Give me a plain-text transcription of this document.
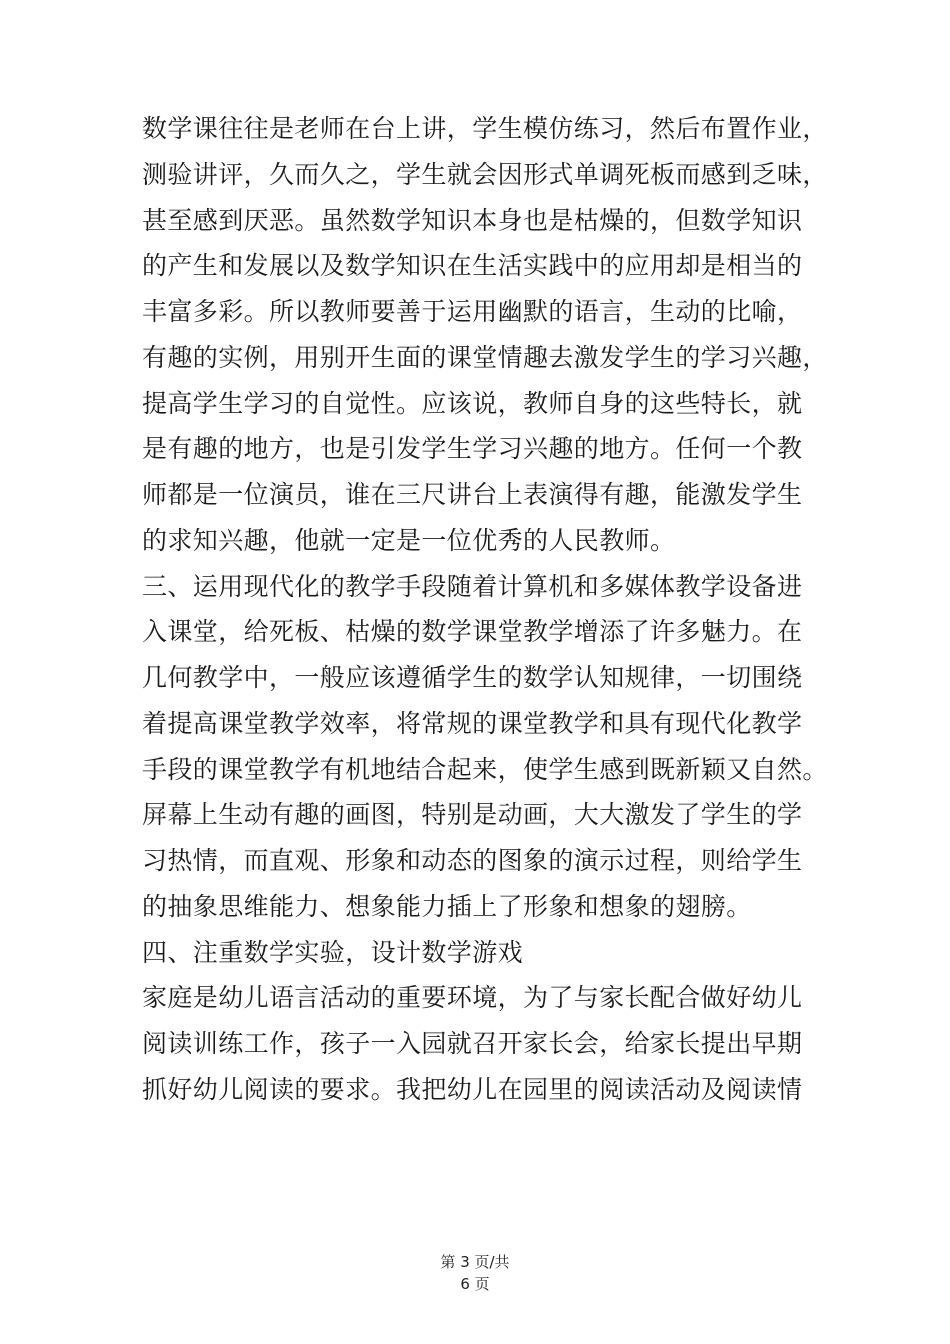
数学课往往是老师在台上讲，学生模仿练习，然后布置作业，
测验讲评，久而久之，学生就会因形式单调死板而感到乏味，
甚至感到厌恶。虽然数学知识本身也是枯燥的，但数学知识
的产生和发展以及数学知识在生活实践中的应用却是相当的
丰富多彩。所以教师要善于运用幽默的语言，生动的比喻，
有趣的实例，用别开生面的课堂情趣去激发学生的学习兴趣，
提高学生学习的自觉性。应该说，教师自身的这些特长，就
是有趣的地方，也是引发学生学习兴趣的地方。任何一个教
师都是一位演员，谁在三尺讲台上表演得有趣，能激发学生
的求知兴趣，他就一定是一位优秀的人民教师。
三、运用现代化的教学手段随着计算机和多媒体教学设备进
入课堂，给死板、枯燥的数学课堂教学增添了许多魅力。在
几何教学中，一般应该遵循学生的数学认知规律，一切围绕
着提高课堂教学效率，将常规的课堂教学和具有现代化教学
手段的课堂教学有机地结合起来，使学生感到既新颖又自然。
屏幕上生动有趣的画图，特别是动画，大大激发了学生的学
习热情，而直观、形象和动态的图象的演示过程，则给学生
的抽象思维能力、想象能力插上了形象和想象的翅膀。
四、注重数学实验，设计数学游戏
家庭是幼儿语言活动的重要环境，为了与家长配合做好幼儿
阅读训练工作，孩子一入园就召开家长会，给家长提出早期
抓好幼儿阅读的要求。我把幼儿在园里的阅读活动及阅读情
第 3 页/共
6 页
